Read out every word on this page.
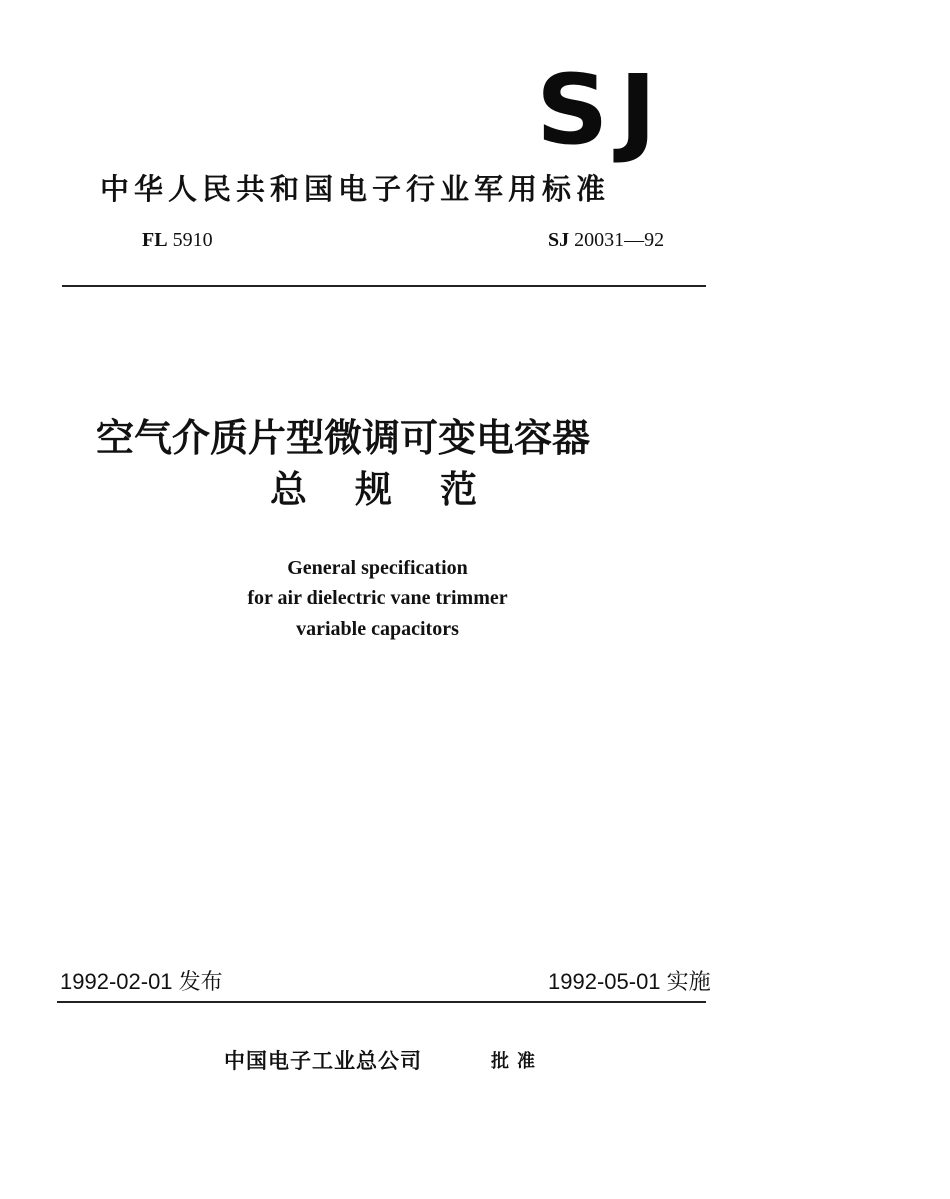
SJ
中华人民共和国电子行业军用标准
FL 5910	SJ 20031—92
空气介质片型微调可变电容器
总规范
General specification
for air dielectric vane trimmer
variable capacitors
1992-02-01 发布	1992-05-01 实施
中国电子工业总公司	批准
